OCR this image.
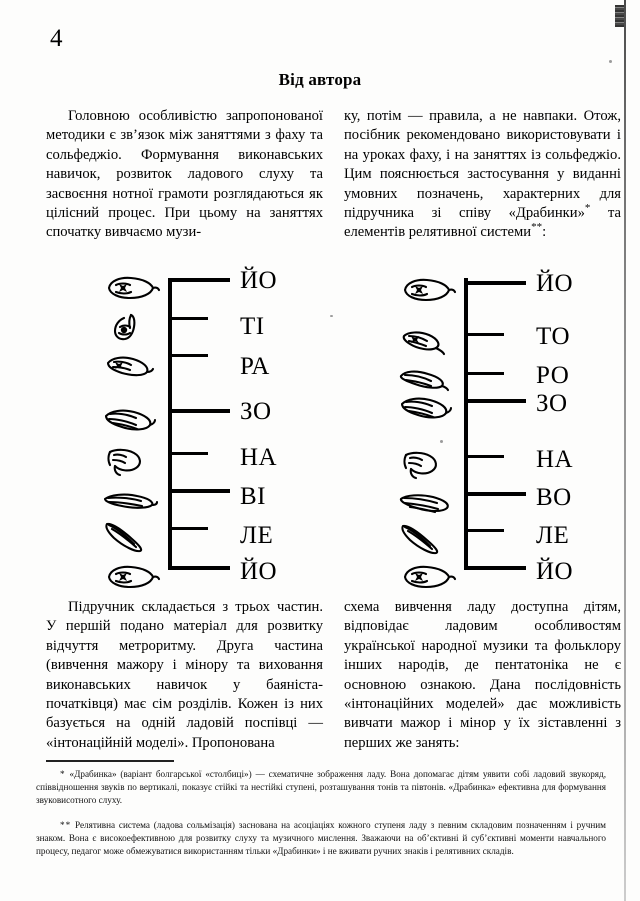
4
Від автора

Головною особливістю запропонованої методики є зв’язок між заняттями з фаху та сольфеджіо. Формування виконавських навичок, розвиток ладового слуху та засвоєння нотної грамоти розглядаються як цілісний процес. При цьому на заняттях спочатку вивчаємо музи-

ку, потім — правила, а не навпаки. Отож, посібник рекомендовано використовувати і на уроках фаху, і на заняттях із сольфеджіо. Цим пояснюється застосування у виданні умовних позначень, характерних для підручника зі співу «Драбинки»* та елементів релятивної системи**:

ЙО
ТІ
РА
ЗО
НА
ВІ
ЛЕ
ЙО
ЙО
ТО
РО
ЗО
НА
ВО
ЛЕ
ЙО

Підручник складається з трьох частин. У першій подано матеріал для розвитку відчуття метроритму. Друга частина (вивчення мажору і мінору та виховання виконавських навичок у баяніста-початківця) має сім розділів. Кожен із них базується на одній ладовій поспівці — «інтонаційній моделі». Пропонована

схема вивчення ладу доступна дітям, відповідає ладовим особливостям української народної музики та фольклору інших народів, де пентатоніка не є основною ознакою. Дана послідовність «інтонаційних моделей» дає можливість вивчати мажор і мінор у їх зіставленні з перших же занять:

* «Драбинка» (варіант болгарської «столбиці») — схематичне зображення ладу. Вона допомагає дітям уявити собі ладовий звукоряд, співвідношення звуків по вертикалі, показує стійкі та нестійкі ступені, розташування тонів та півтонів. «Драбинка» ефективна для формування звуковисотного слуху.

** Релятивна система (ладова сольмізація) заснована на асоціаціях кожного ступеня ладу з певним складовим позначенням і ручним знаком. Вона є високоефективною для розвитку слуху та музичного мислення. Зважаючи на об’єктивні й суб’єктивні моменти навчального процесу, педагог може обмежуватися використанням тільки «Драбинки» і не вживати ручних знаків і релятивних складів.
